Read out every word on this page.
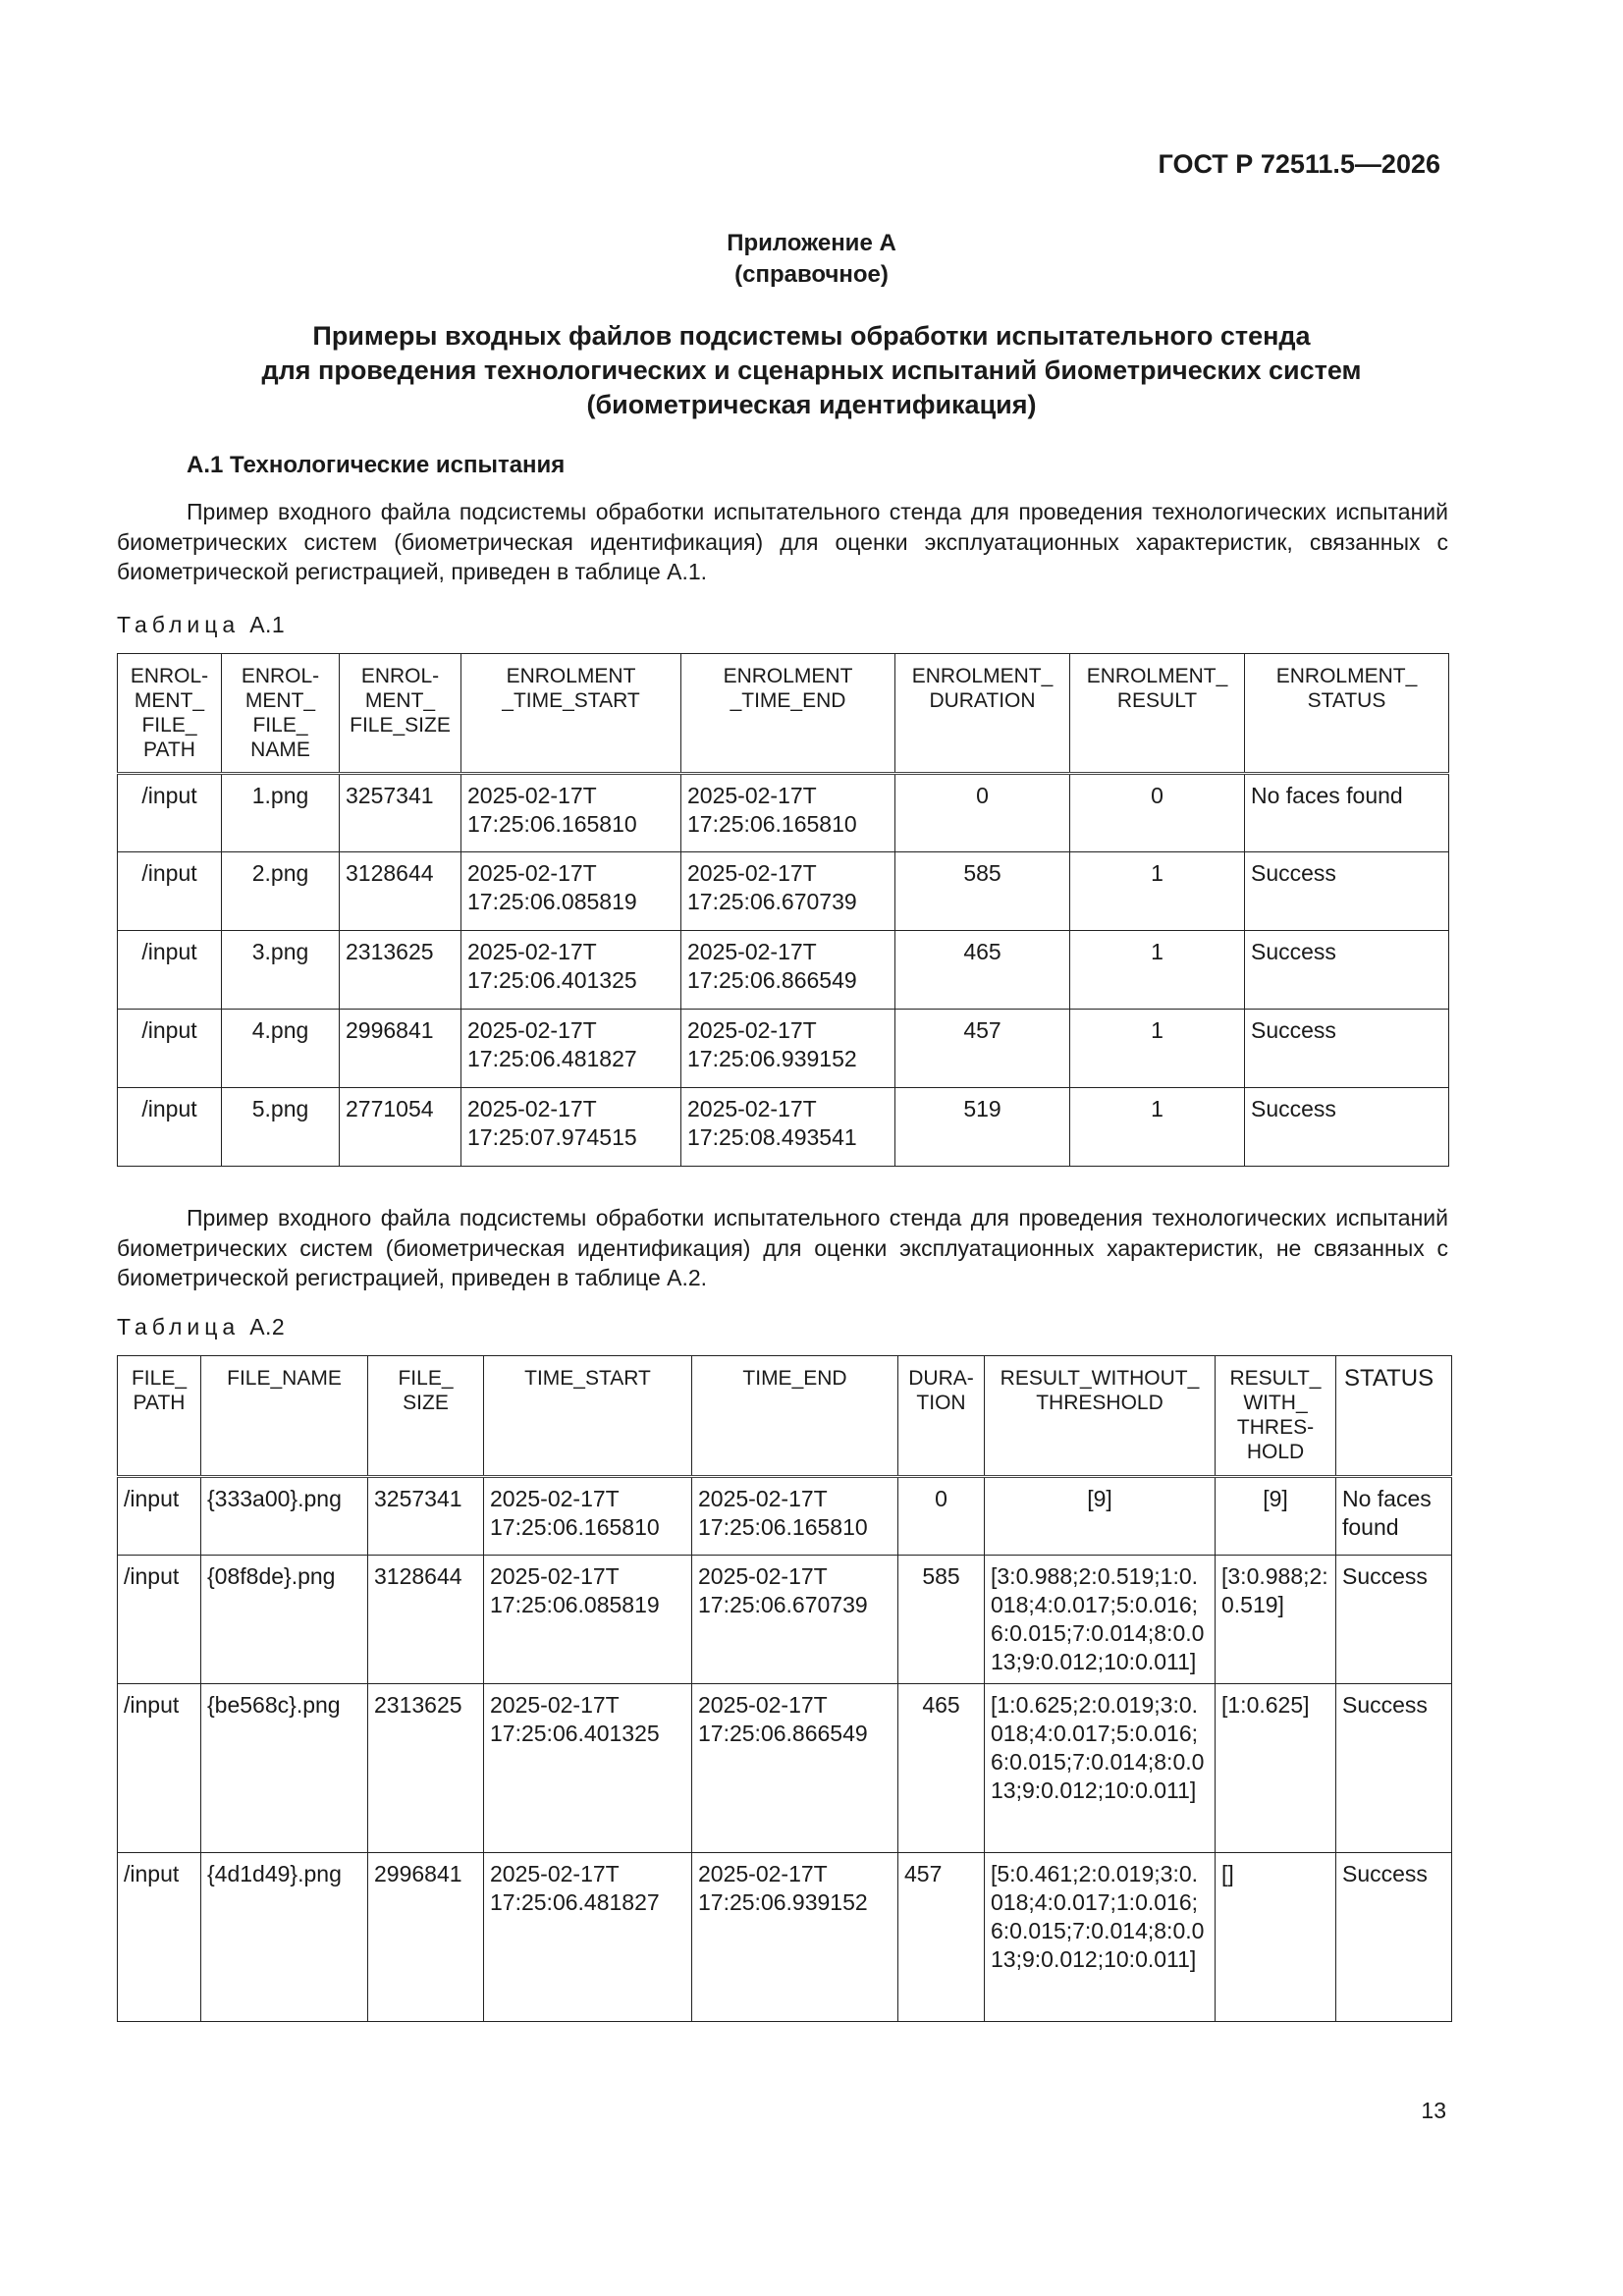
ГОСТ Р 72511.5—2026
Приложение А
(справочное)
Примеры входных файлов подсистемы обработки испытательного стенда
для проведения технологических и сценарных испытаний биометрических систем
(биометрическая идентификация)
А.1 Технологические испытания
Пример входного файла подсистемы обработки испытательного стенда для проведения технологических испытаний биометрических систем (биометрическая идентификация) для оценки эксплуатационных характеристик, связанных с биометрической регистрацией, приведен в таблице А.1.
Таблица А.1
ENROL-
MENT_
FILE_
PATH	ENROL-
MENT_
FILE_
NAME	ENROL-
MENT_
FILE_SIZE	ENROLMENT
_TIME_START	ENROLMENT
_TIME_END	ENROLMENT_
DURATION	ENROLMENT_
RESULT	ENROLMENT_
STATUS
/input	1.png	3257341	2025-02-17T
17:25:06.165810	2025-02-17T
17:25:06.165810	0	0	No faces found
/input	2.png	3128644	2025-02-17T
17:25:06.085819	2025-02-17T
17:25:06.670739	585	1	Success
/input	3.png	2313625	2025-02-17T
17:25:06.401325	2025-02-17T
17:25:06.866549	465	1	Success
/input	4.png	2996841	2025-02-17T
17:25:06.481827	2025-02-17T
17:25:06.939152	457	1	Success
/input	5.png	2771054	2025-02-17T
17:25:07.974515	2025-02-17T
17:25:08.493541	519	1	Success
Пример входного файла подсистемы обработки испытательного стенда для проведения технологических испытаний биометрических систем (биометрическая идентификация) для оценки эксплуатационных характеристик, не связанных с биометрической регистрацией, приведен в таблице А.2.
Таблица А.2
FILE_
PATH	FILE_NAME	FILE_
SIZE	TIME_START	TIME_END	DURA-
TION	RESULT_WITHOUT_
THRESHOLD	RESULT_
WITH_
THRES-
HOLD	STATUS
/input	{333a00}.png	3257341	2025-02-17T
17:25:06.165810	2025-02-17T
17:25:06.165810	0	[9]	[9]	No faces found
/input	{08f8de}.png	3128644	2025-02-17T
17:25:06.085819	2025-02-17T
17:25:06.670739	585	[3:0.988;2:0.519;1:0.018;4:0.017;5:0.016;6:0.015;7:0.014;8:0.013;9:0.012;10:0.011]	[3:0.988;2:0.519]	Success
/input	{be568c}.png	2313625	2025-02-17T
17:25:06.401325	2025-02-17T
17:25:06.866549	465	[1:0.625;2:0.019;3:0.018;4:0.017;5:0.016;6:0.015;7:0.014;8:0.013;9:0.012;10:0.011]	[1:0.625]	Success
/input	{4d1d49}.png	2996841	2025-02-17T
17:25:06.481827	2025-02-17T
17:25:06.939152	457	[5:0.461;2:0.019;3:0.018;4:0.017;1:0.016;6:0.015;7:0.014;8:0.013;9:0.012;10:0.011]	[]	Success
13
